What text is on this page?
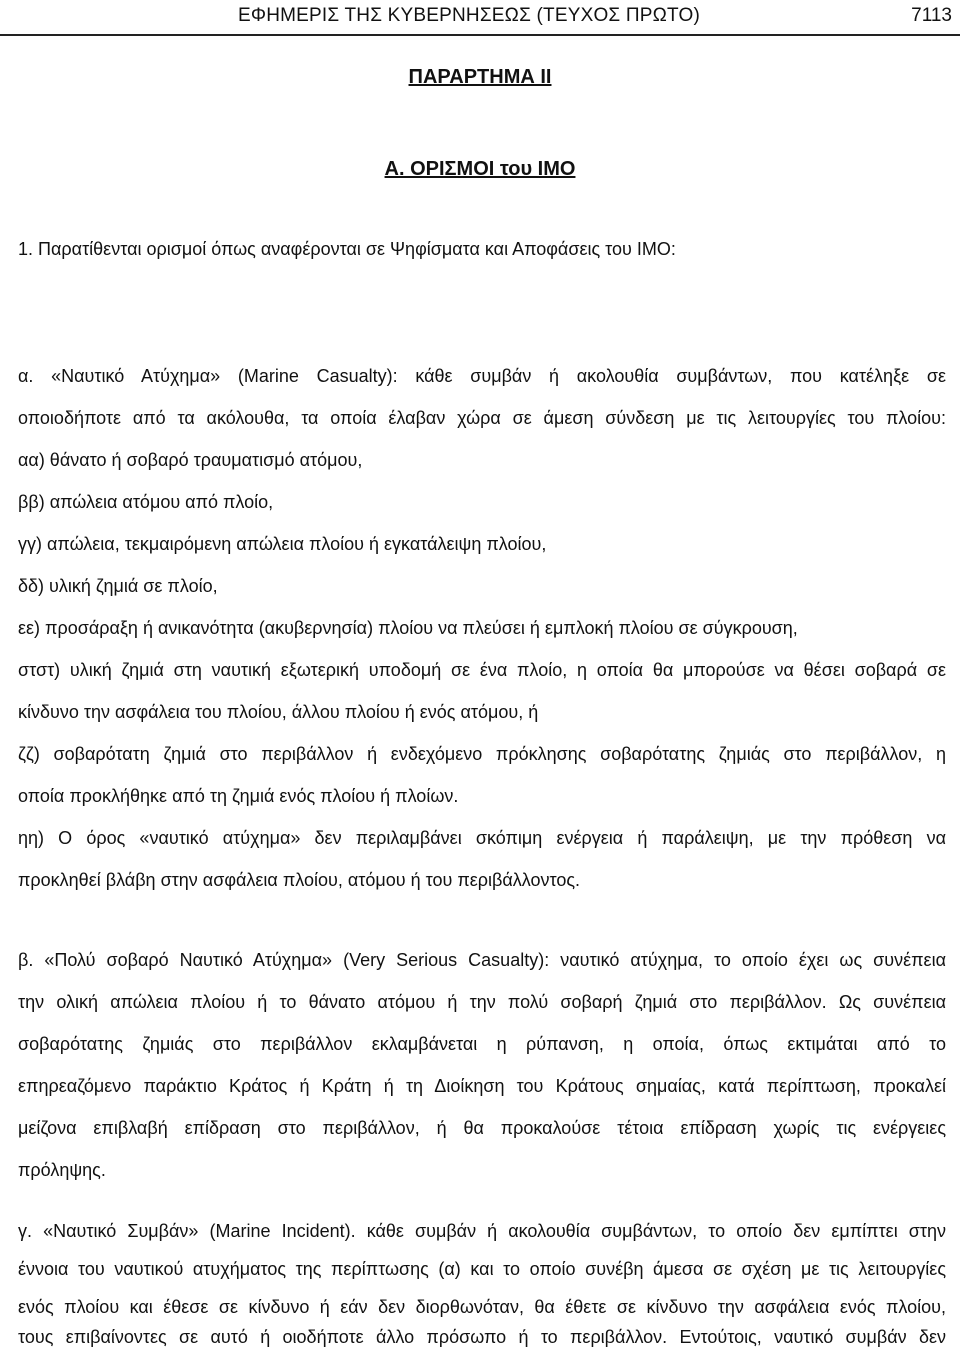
ΕΦΗΜΕΡΙΣ ΤΗΣ ΚΥΒΕΡΝΗΣΕΩΣ (ΤΕΥΧΟΣ ΠΡΩΤΟ)	7113
ΠΑΡΑΡΤΗΜΑ II
Α. ΟΡΙΣΜΟΙ του ΙΜΟ
1. Παρατίθενται ορισμοί όπως αναφέρονται σε Ψηφίσματα και Αποφάσεις του ΙΜΟ:
α. «Ναυτικό Ατύχημα» (Marine Casualty): κάθε συμβάν ή ακολουθία συμβάντων, που κατέληξε σε
οποιοδήποτε από τα ακόλουθα, τα οποία έλαβαν χώρα σε άμεση σύνδεση με τις λειτουργίες του πλοίου:
αα) θάνατο ή σοβαρό τραυματισμό ατόμου,
ββ) απώλεια ατόμου από πλοίο,
γγ) απώλεια, τεκμαιρόμενη απώλεια πλοίου ή εγκατάλειψη πλοίου,
δδ) υλική ζημιά σε πλοίο,
εε) προσάραξη ή ανικανότητα (ακυβερνησία) πλοίου να πλεύσει ή εμπλοκή πλοίου σε σύγκρουση,
στστ) υλική ζημιά στη ναυτική εξωτερική υποδομή σε ένα πλοίο, η οποία θα μπορούσε να θέσει σοβαρά σε
κίνδυνο την ασφάλεια του πλοίου, άλλου πλοίου ή ενός ατόμου, ή
ζζ) σοβαρότατη ζημιά στο περιβάλλον ή ενδεχόμενο πρόκλησης σοβαρότατης ζημιάς στο περιβάλλον, η
οποία προκλήθηκε από τη ζημιά ενός πλοίου ή πλοίων.
ηη) Ο όρος «ναυτικό ατύχημα» δεν περιλαμβάνει σκόπιμη ενέργεια ή παράλειψη, με την πρόθεση να
προκληθεί βλάβη στην ασφάλεια πλοίου, ατόμου ή του περιβάλλοντος.
β. «Πολύ σοβαρό Ναυτικό Ατύχημα» (Very Serious Casualty): ναυτικό ατύχημα, το οποίο έχει ως συνέπεια
την ολική απώλεια πλοίου ή το θάνατο ατόμου ή την πολύ σοβαρή ζημιά στο περιβάλλον. Ως συνέπεια
σοβαρότατης ζημιάς στο περιβάλλον εκλαμβάνεται η ρύπανση, η οποία, όπως εκτιμάται από το
επηρεαζόμενο παράκτιο Κράτος ή Κράτη ή τη Διοίκηση του Κράτους σημαίας, κατά περίπτωση, προκαλεί
μείζονα επιβλαβή επίδραση στο περιβάλλον, ή θα προκαλούσε τέτοια επίδραση χωρίς τις ενέργειες
πρόληψης.
γ. «Ναυτικό Συμβάν» (Marine Incident). κάθε συμβάν ή ακολουθία συμβάντων, το οποίο δεν εμπίπτει στην
έννοια του ναυτικού ατυχήματος της περίπτωσης (α) και το οποίο συνέβη άμεσα σε σχέση με τις λειτουργίες
ενός πλοίου και έθεσε σε κίνδυνο ή εάν δεν διορθωνόταν, θα έθετε σε κίνδυνο την ασφάλεια ενός πλοίου,
τους επιβαίνοντες σε αυτό ή οιοδήποτε άλλο πρόσωπο ή το περιβάλλον. Εντούτοις, ναυτικό συμβάν δεν
